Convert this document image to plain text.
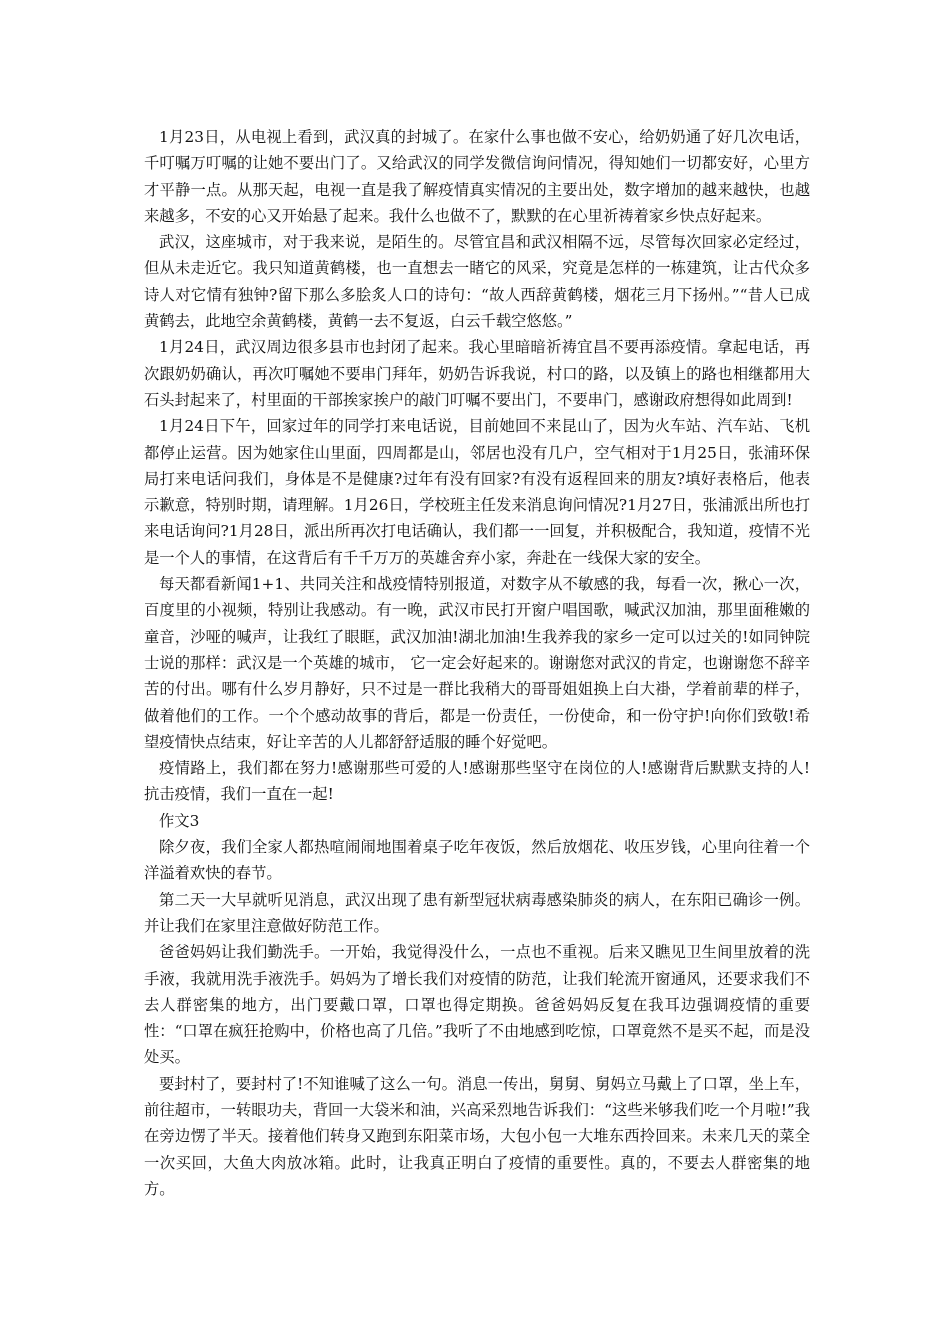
1月23日，从电视上看到，武汉真的封城了。在家什么事也做不安心，给奶奶通了好几次电话，千叮嘱万叮嘱的让她不要出门了。又给武汉的同学发微信询问情况，得知她们一切都安好，心里方才平静一点。从那天起，电视一直是我了解疫情真实情况的主要出处，数字增加的越来越快，也越来越多，不安的心又开始悬了起来。我什么也做不了，默默的在心里祈祷着家乡快点好起来。

武汉，这座城市，对于我来说，是陌生的。尽管宜昌和武汉相隔不远，尽管每次回家必定经过，但从未走近它。我只知道黄鹤楼，也一直想去一睹它的风采，究竟是怎样的一栋建筑，让古代众多诗人对它情有独钟?留下那么多脍炙人口的诗句：“故人西辞黄鹤楼，烟花三月下扬州。”“昔人已成黄鹤去，此地空余黄鹤楼，黄鹤一去不复返，白云千载空悠悠。”

1月24日，武汉周边很多县市也封闭了起来。我心里暗暗祈祷宜昌不要再添疫情。拿起电话，再次跟奶奶确认，再次叮嘱她不要串门拜年，奶奶告诉我说，村口的路，以及镇上的路也相继都用大石头封起来了，村里面的干部挨家挨户的敲门叮嘱不要出门，不要串门，感谢政府想得如此周到!

1月24日下午，回家过年的同学打来电话说，目前她回不来昆山了，因为火车站、汽车站、飞机都停止运营。因为她家住山里面，四周都是山，邻居也没有几户，空气相对于1月25日，张浦环保局打来电话问我们，身体是不是健康?过年有没有回家?有没有返程回来的朋友?填好表格后，他表示歉意，特别时期，请理解。1月26日，学校班主任发来消息询问情况?1月27日，张浦派出所也打来电话询问?1月28日，派出所再次打电话确认，我们都一一回复，并积极配合，我知道，疫情不光是一个人的事情，在这背后有千千万万的英雄舍弃小家，奔赴在一线保大家的安全。

每天都看新闻1+1、共同关注和战疫情特别报道，对数字从不敏感的我，每看一次，揪心一次，百度里的小视频，特别让我感动。有一晚，武汉市民打开窗户唱国歌，喊武汉加油，那里面稚嫩的童音，沙哑的喊声，让我红了眼眶，武汉加油!湖北加油!生我养我的家乡一定可以过关的!如同钟院士说的那样：武汉是一个英雄的城市， 它一定会好起来的。谢谢您对武汉的肯定，也谢谢您不辞辛苦的付出。哪有什么岁月静好，只不过是一群比我稍大的哥哥姐姐换上白大褂，学着前辈的样子，做着他们的工作。一个个感动故事的背后，都是一份责任，一份使命，和一份守护!向你们致敬!希望疫情快点结束，好让辛苦的人儿都舒舒适服的睡个好觉吧。

疫情路上，我们都在努力!感谢那些可爱的人!感谢那些坚守在岗位的人!感谢背后默默支持的人!抗击疫情，我们一直在一起!

作文3

除夕夜，我们全家人都热喧闹闹地围着桌子吃年夜饭，然后放烟花、收压岁钱，心里向往着一个洋溢着欢快的春节。

第二天一大早就听见消息，武汉出现了患有新型冠状病毒感染肺炎的病人，在东阳已确诊一例。并让我们在家里注意做好防范工作。

爸爸妈妈让我们勤洗手。一开始，我觉得没什么，一点也不重视。后来又瞧见卫生间里放着的洗手液，我就用洗手液洗手。妈妈为了增长我们对疫情的防范，让我们轮流开窗通风，还要求我们不去人群密集的地方，出门要戴口罩，口罩也得定期换。爸爸妈妈反复在我耳边强调疫情的重要性：“口罩在疯狂抢购中，价格也高了几倍。”我听了不由地感到吃惊，口罩竟然不是买不起，而是没处买。

要封村了，要封村了!不知谁喊了这么一句。消息一传出，舅舅、舅妈立马戴上了口罩，坐上车，前往超市，一转眼功夫，背回一大袋米和油，兴高采烈地告诉我们：“这些米够我们吃一个月啦!”我在旁边愣了半天。接着他们转身又跑到东阳菜市场，大包小包一大堆东西拎回来。未来几天的菜全一次买回，大鱼大肉放冰箱。此时，让我真正明白了疫情的重要性。真的，不要去人群密集的地方。
